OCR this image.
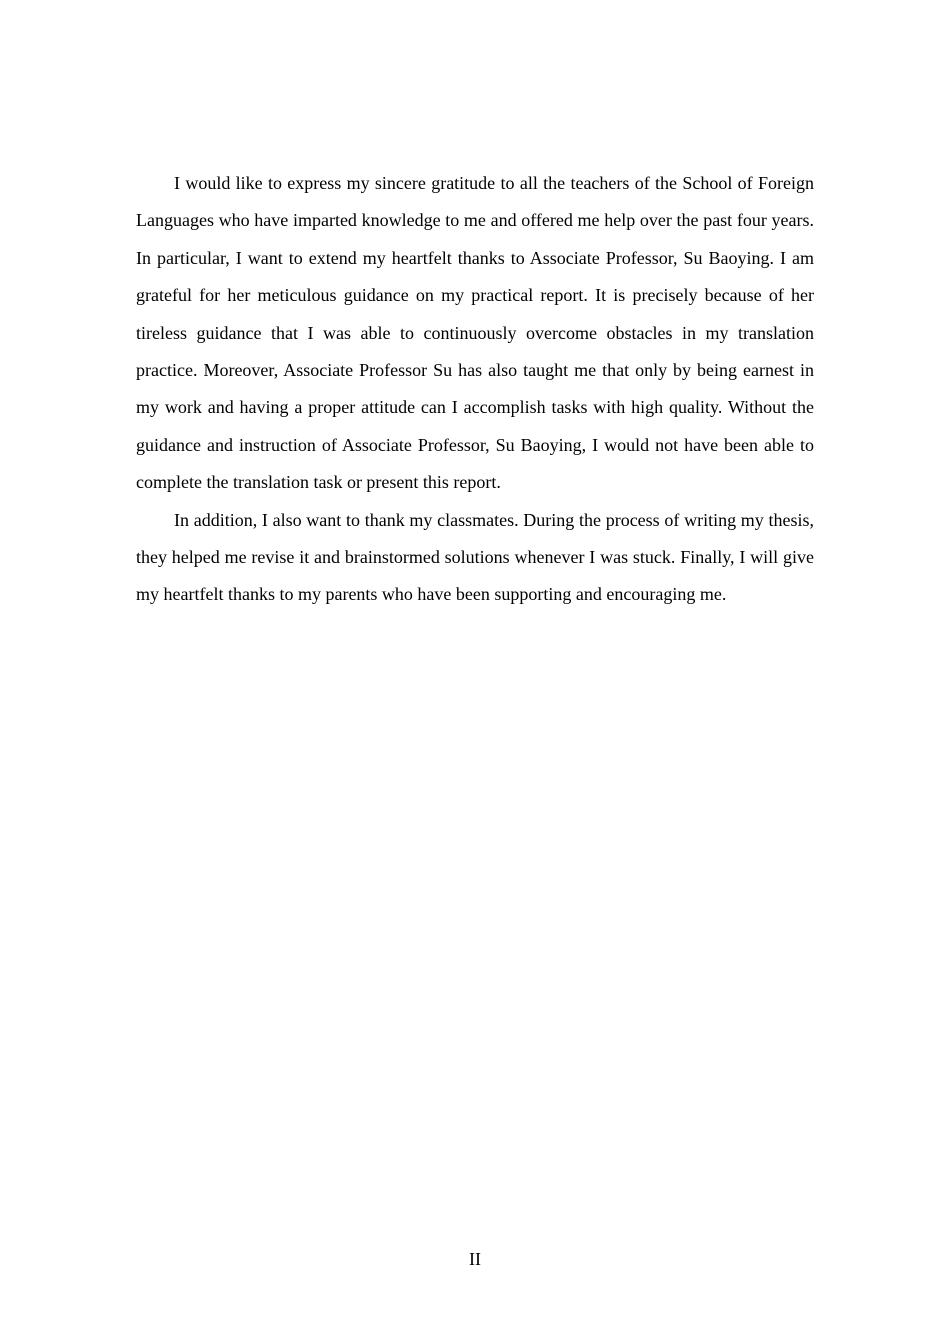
I would like to express my sincere gratitude to all the teachers of the School of Foreign Languages who have imparted knowledge to me and offered me help over the past four years. In particular, I want to extend my heartfelt thanks to Associate Professor, Su Baoying. I am grateful for her meticulous guidance on my practical report. It is precisely because of her tireless guidance that I was able to continuously overcome obstacles in my translation practice. Moreover, Associate Professor Su has also taught me that only by being earnest in my work and having a proper attitude can I accomplish tasks with high quality. Without the guidance and instruction of Associate Professor, Su Baoying, I would not have been able to complete the translation task or present this report.

In addition, I also want to thank my classmates. During the process of writing my thesis, they helped me revise it and brainstormed solutions whenever I was stuck. Finally, I will give my heartfelt thanks to my parents who have been supporting and encouraging me.

II
